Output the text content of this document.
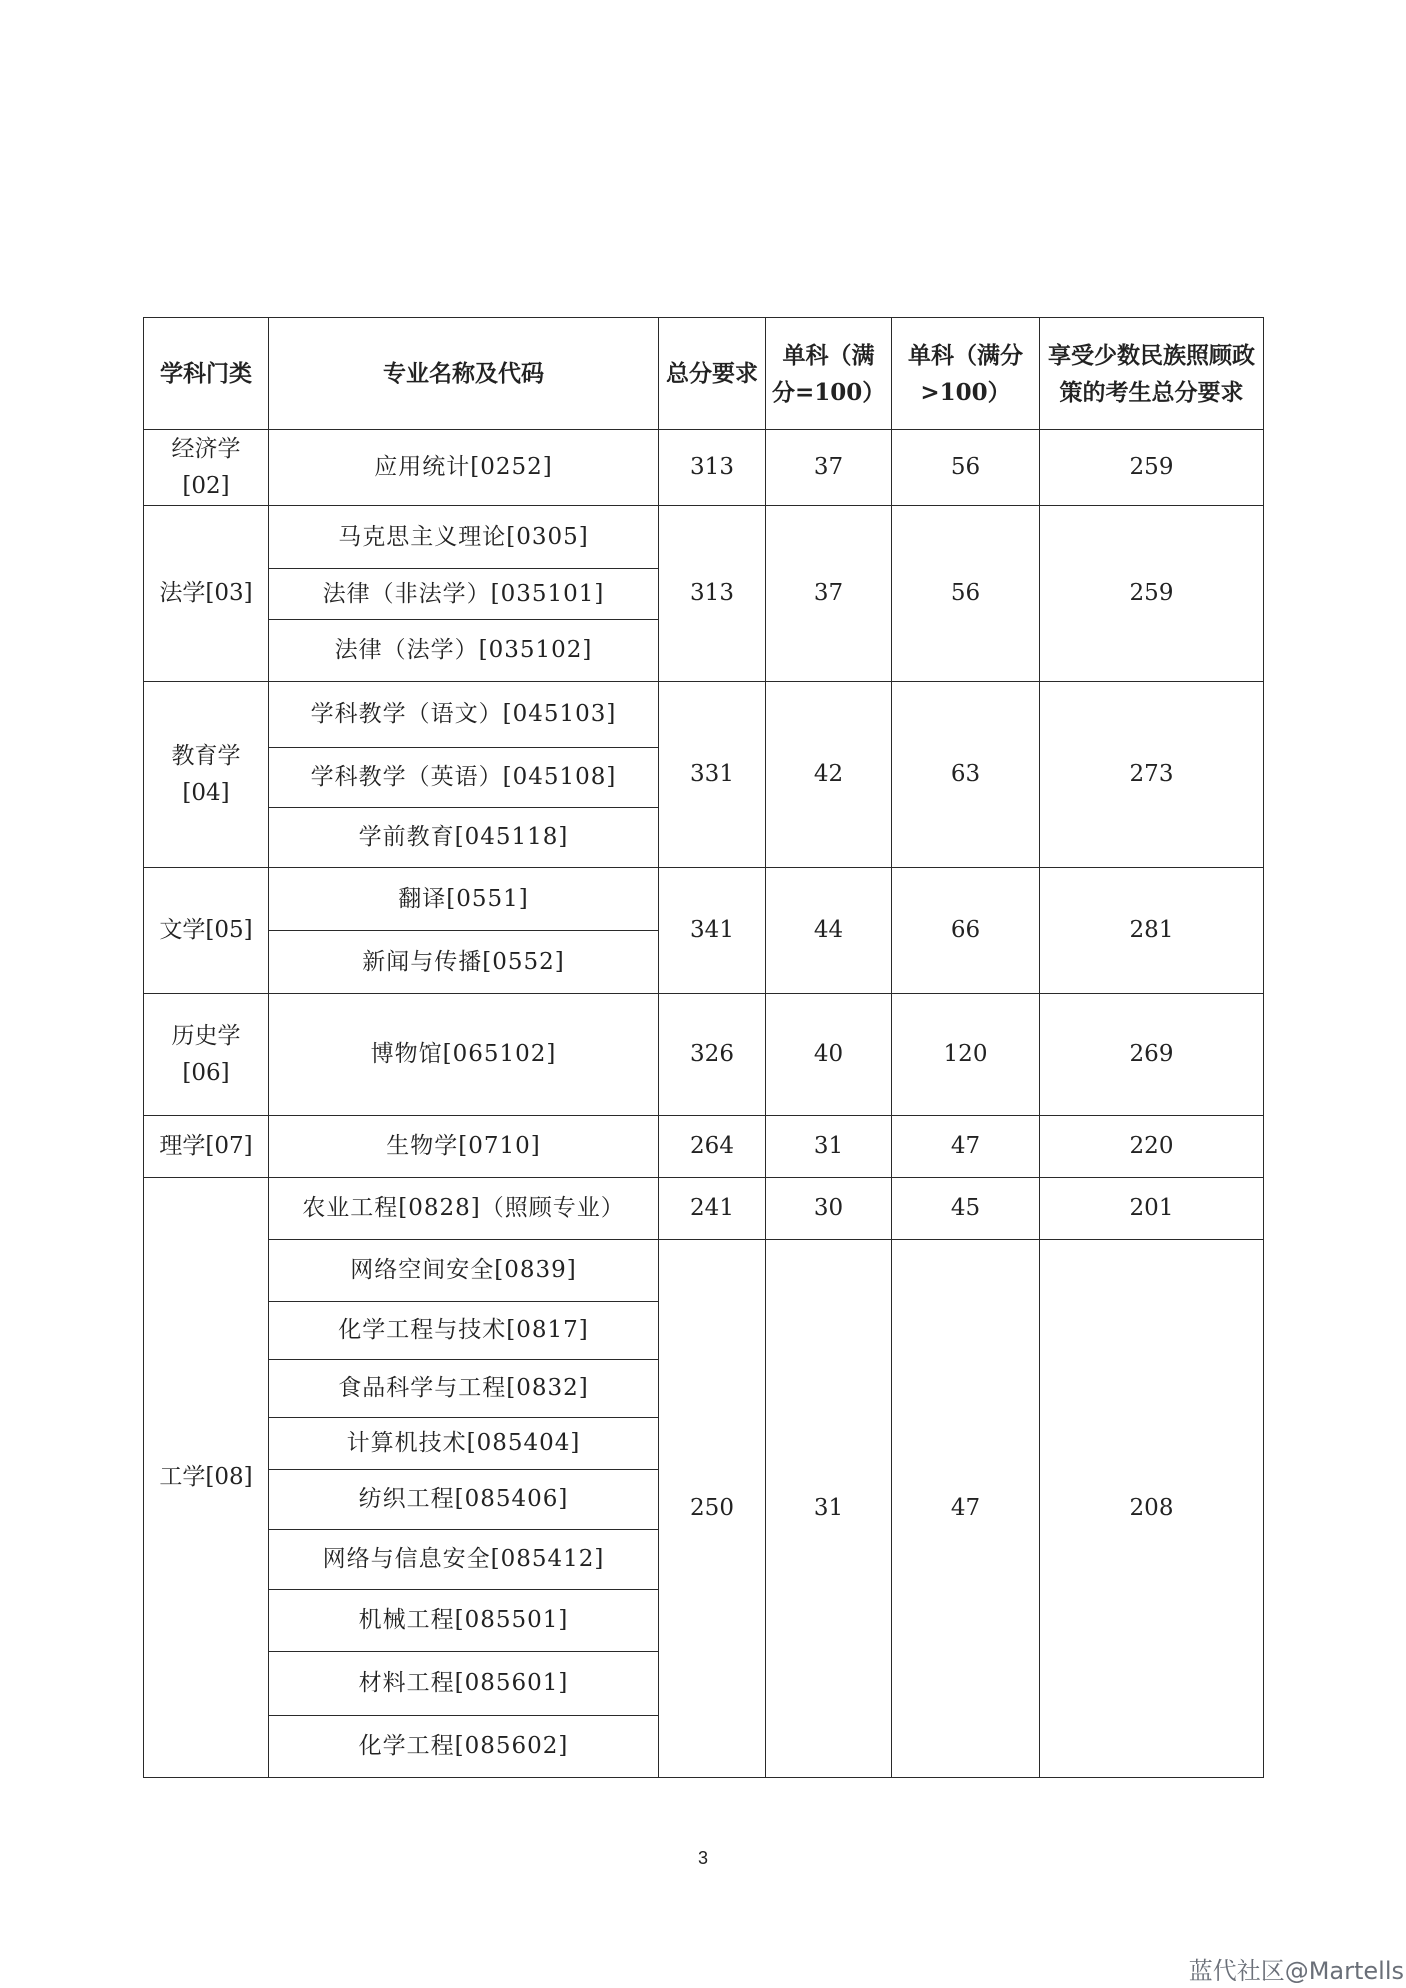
学科门类	专业名称及代码	总分要求	单科（满分=100）	单科（满分>100）	享受少数民族照顾政策的考生总分要求
经济学[02]	应用统计[0252]	313	37	56	259
法学[03]	马克思主义理论[0305]	313	37	56	259
	法律（非法学）[035101]				
	法律（法学）[035102]				
教育学[04]	学科教学（语文）[045103]	331	42	63	273
	学科教学（英语）[045108]				
	学前教育[045118]				
文学[05]	翻译[0551]	341	44	66	281
	新闻与传播[0552]				
历史学[06]	博物馆[065102]	326	40	120	269
理学[07]	生物学[0710]	264	31	47	220
工学[08]	农业工程[0828]（照顾专业）	241	30	45	201
	网络空间安全[0839]	250	31	47	208
	化学工程与技术[0817]				
	食品科学与工程[0832]				
	计算机技术[085404]				
	纺织工程[085406]				
	网络与信息安全[085412]				
	机械工程[085501]				
	材料工程[085601]				
	化学工程[085602]				
3
蓝代社区@Martells
